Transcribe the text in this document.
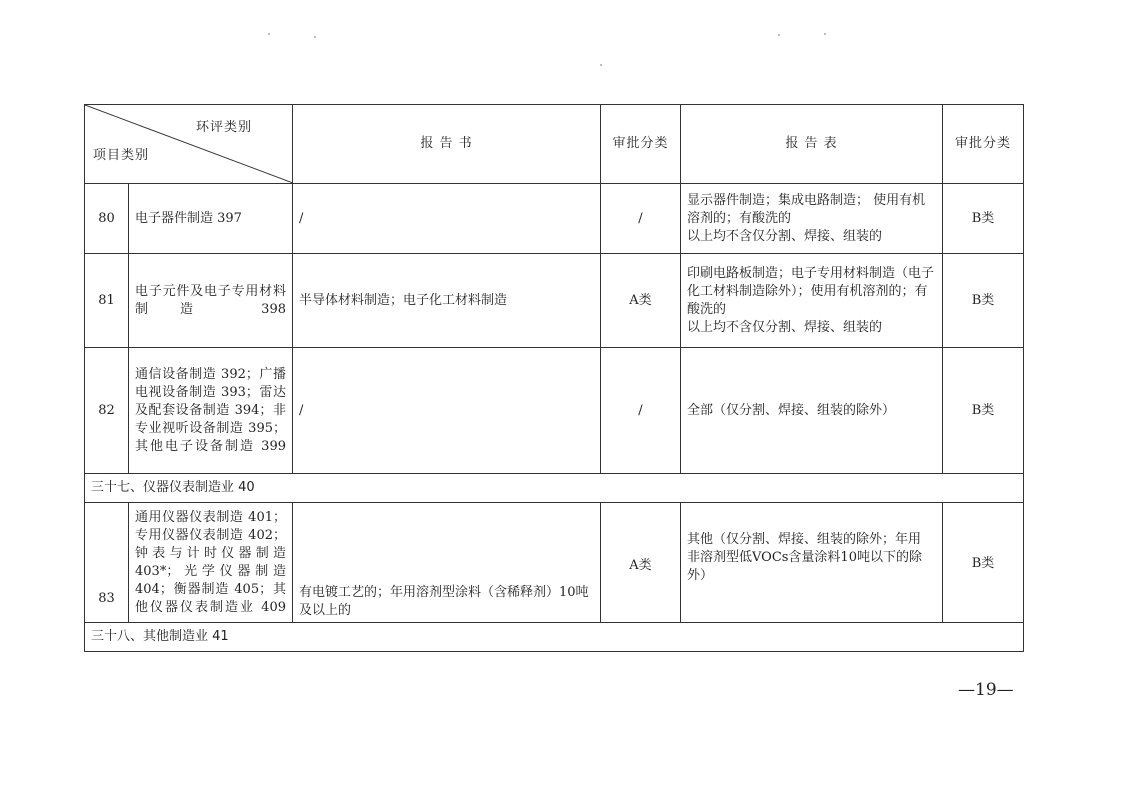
环评类别
项目类别		报 告 书	审批分类	报 告 表	审批分类
80	电子器件制造 397	/	/	显示器件制造；集成电路制造； 使用有机
溶剂的；有酸洗的
以上均不含仅分割、焊接、组装的	B类
81	电子元件及电子专用材料制造 398	半导体材料制造；电子化工材料制造	A类	印刷电路板制造；电子专用材料制造（电子
化工材料制造除外）；使用有机溶剂的；有
酸洗的
以上均不含仅分割、焊接、组装的	B类
82	通信设备制造 392；广播电视设备制造 393；雷达及配套设备制造 394；非专业视听设备制造 395；其他电子设备制造 399	/	/	全部（仅分割、焊接、组装的除外）	B类
三十七、仪器仪表制造业 40					
83	通用仪器仪表制造 401；专用仪器仪表制造 402；钟表与计时仪器制造 403*；光学仪器制造 404；衡器制造 405；其他仪器仪表制造业 409	有电镀工艺的；年用溶剂型涂料（含稀释剂）10吨及以上的	A类	其他（仅分割、焊接、组装的除外；年用
非溶剂型低VOCs含量涂料10吨以下的除
外）	B类
三十八、其他制造业 41					
—19—
